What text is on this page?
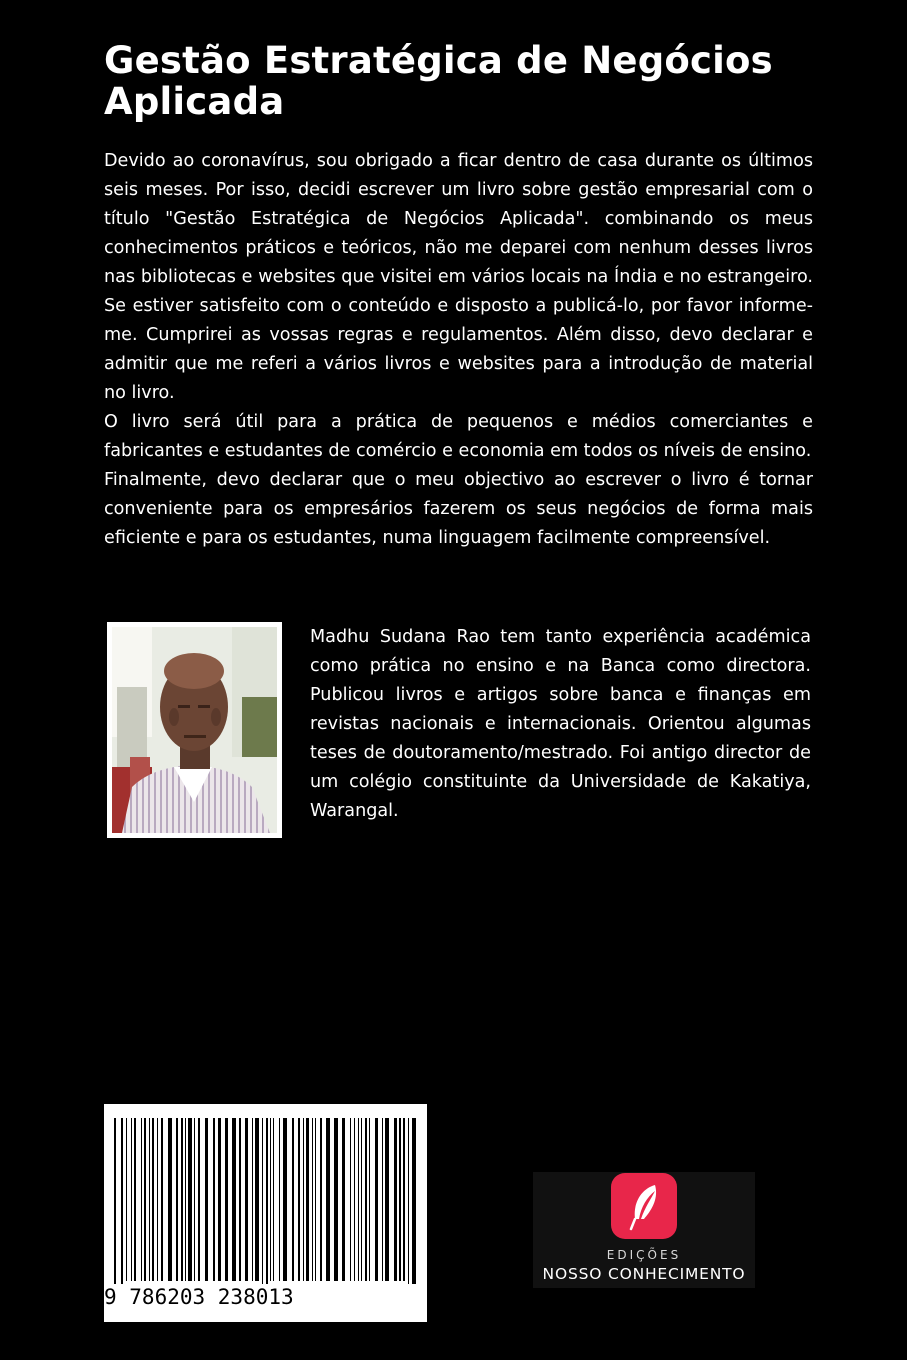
Gestão Estratégica de Negócios Aplicada

Devido ao coronavírus, sou obrigado a ficar dentro de casa durante os últimos seis meses. Por isso, decidi escrever um livro sobre gestão empresarial com o título "Gestão Estratégica de Negócios Aplicada". combinando os meus conhecimentos práticos e teóricos, não me deparei com nenhum desses livros nas bibliotecas e websites que visitei em vários locais na Índia e no estrangeiro. Se estiver satisfeito com o conteúdo e disposto a publicá-lo, por favor informe-me. Cumprirei as vossas regras e regulamentos. Além disso, devo declarar e admitir que me referi a vários livros e websites para a introdução de material no livro.

O livro será útil para a prática de pequenos e médios comerciantes e fabricantes e estudantes de comércio e economia em todos os níveis de ensino.

Finalmente, devo declarar que o meu objectivo ao escrever o livro é tornar conveniente para os empresários fazerem os seus negócios de forma mais eficiente e para os estudantes, numa linguagem facilmente compreensível.

Madhu Sudana Rao tem tanto experiência académica como prática no ensino e na Banca como directora. Publicou livros e artigos sobre banca e finanças em revistas nacionais e internacionais. Orientou algumas teses de doutoramento/mestrado. Foi antigo director de um colégio constituinte da Universidade de Kakatiya, Warangal.

9 786203 238013
EDIÇÕES
NOSSO CONHECIMENTO
